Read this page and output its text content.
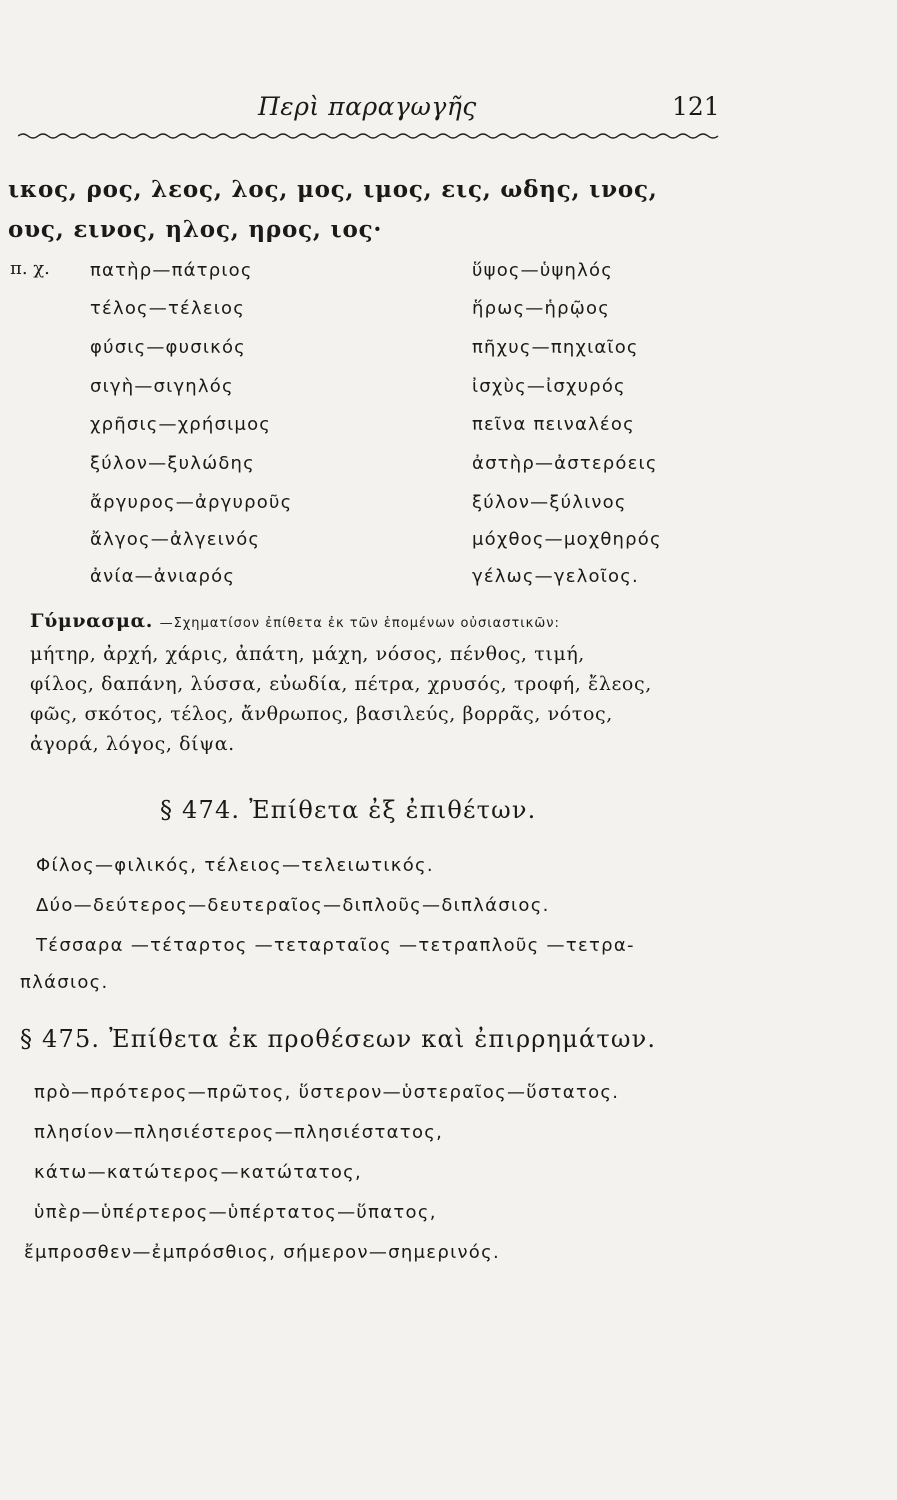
Περὶ παραγωγῆς	121
ικος, ρος, λεος, λος, μος, ιμος, εις, ωδης, ινος,
ους, εινος, ηλος, ηρος, ιος·
π. χ. πατὴρ—πάτριος
τέλος—τέλειος
φύσις—φυσικός
σιγὴ—σιγηλός
χρῆσις—χρήσιμος
ξύλον—ξυλώδης
ἄργυρος—ἀργυροῦς
ἄλγος—ἀλγεινός
ἀνία—ἀνιαρός
ὕψος—ὑψηλός
ἥρως—ἡρῷος
πῆχυς—πηχιαῖος
ἰσχὺς—ἰσχυρός
πεῖνα πειναλέος
ἀστὴρ—ἀστερόεις
ξύλον—ξύλινος
μόχθος—μοχθηρός
γέλως—γελοῖος.
Γύμνασμα. —Σχηματίσον ἐπίθετα ἐκ τῶν ἑπομένων οὐσιαστικῶν:
μήτηρ, ἀρχή, χάρις, ἀπάτη, μάχη, νόσος, πένθος, τιμή,
φίλος, δαπάνη, λύσσα, εὐωδία, πέτρα, χρυσός, τροφή, ἔλεος,
φῶς, σκότος, τέλος, ἄνθρωπος, βασιλεύς, βορρᾶς, νότος,
ἀγορά, λόγος, δίψα.
§ 474. Ἐπίθετα ἐξ ἐπιθέτων.
Φίλος—φιλικός, τέλειος—τελειωτικός.
Δύο—δεύτερος—δευτεραῖος—διπλοῦς—διπλάσιος.
Τέσσαρα —τέταρτος —τεταρταῖος —τετραπλοῦς —τετρα-
πλάσιος.
§ 475. Ἐπίθετα ἐκ προθέσεων καὶ ἐπιρρημάτων.
πρὸ—πρότερος—πρῶτος, ὕστερον—ὑστεραῖος—ὕστατος.
πλησίον—πλησιέστερος—πλησιέστατος,
κάτω—κατώτερος—κατώτατος,
ὑπὲρ—ὑπέρτερος—ὑπέρτατος—ὕπατος,
ἔμπροσθεν—ἐμπρόσθιος, σήμερον—σημερινός.
